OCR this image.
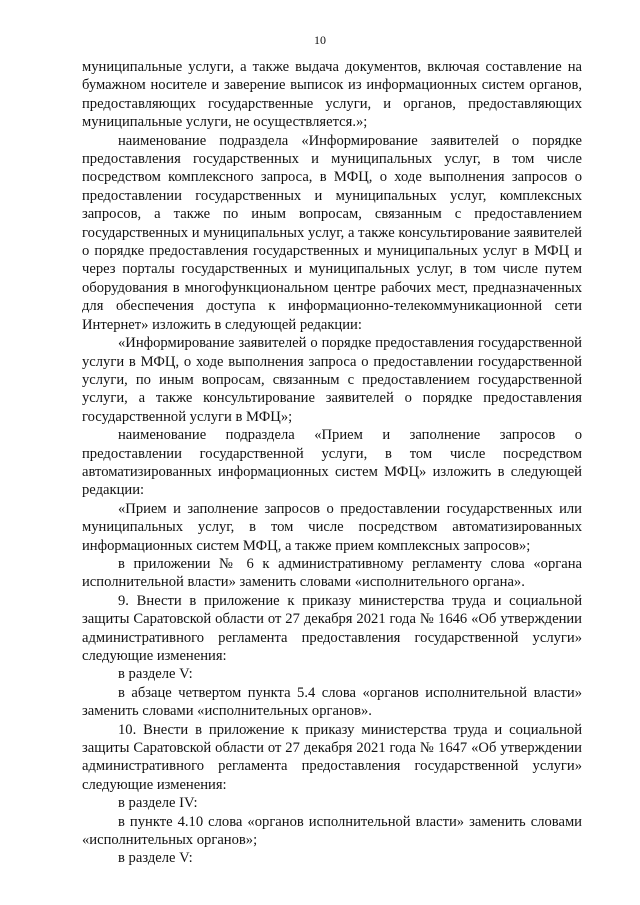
10

муниципальные услуги, а также выдача документов, включая составление на бумажном носителе и заверение выписок из информационных систем органов, предоставляющих государственные услуги, и органов, предоставляющих муниципальные услуги, не осуществляется.»;

наименование подраздела «Информирование заявителей о порядке предоставления государственных и муниципальных услуг, в том числе посредством комплексного запроса, в МФЦ, о ходе выполнения запросов о предоставлении государственных и муниципальных услуг, комплексных запросов, а также по иным вопросам, связанным с предоставлением государственных и муниципальных услуг, а также консультирование заявителей о порядке предоставления государственных и муниципальных услуг в МФЦ и через порталы государственных и муниципальных услуг, в том числе путем оборудования в многофункциональном центре рабочих мест, предназначенных для обеспечения доступа к информационно-телекоммуникационной сети Интернет» изложить в следующей редакции:

«Информирование заявителей о порядке предоставления государственной услуги в МФЦ, о ходе выполнения запроса о предоставлении государственной услуги, по иным вопросам, связанным с предоставлением государственной услуги, а также консультирование заявителей о порядке предоставления государственной услуги в МФЦ»;

наименование подраздела «Прием и заполнение запросов о предоставлении государственной услуги, в том числе посредством автоматизированных информационных систем МФЦ» изложить в следующей редакции:

«Прием и заполнение запросов о предоставлении государственных или муниципальных услуг, в том числе посредством автоматизированных информационных систем МФЦ, а также прием комплексных запросов»;

в приложении № 6 к административному регламенту слова «органа исполнительной власти» заменить словами «исполнительного органа».

9. Внести в приложение к приказу министерства труда и социальной защиты Саратовской области от 27 декабря 2021 года № 1646 «Об утверждении административного регламента предоставления государственной услуги» следующие изменения:

в разделе V:

в абзаце четвертом пункта 5.4 слова «органов исполнительной власти» заменить словами «исполнительных органов».

10. Внести в приложение к приказу министерства труда и социальной защиты Саратовской области от 27 декабря 2021 года № 1647 «Об утверждении административного регламента предоставления государственной услуги» следующие изменения:

в разделе IV:

в пункте 4.10 слова «органов исполнительной власти» заменить словами «исполнительных органов»;

в разделе V:
